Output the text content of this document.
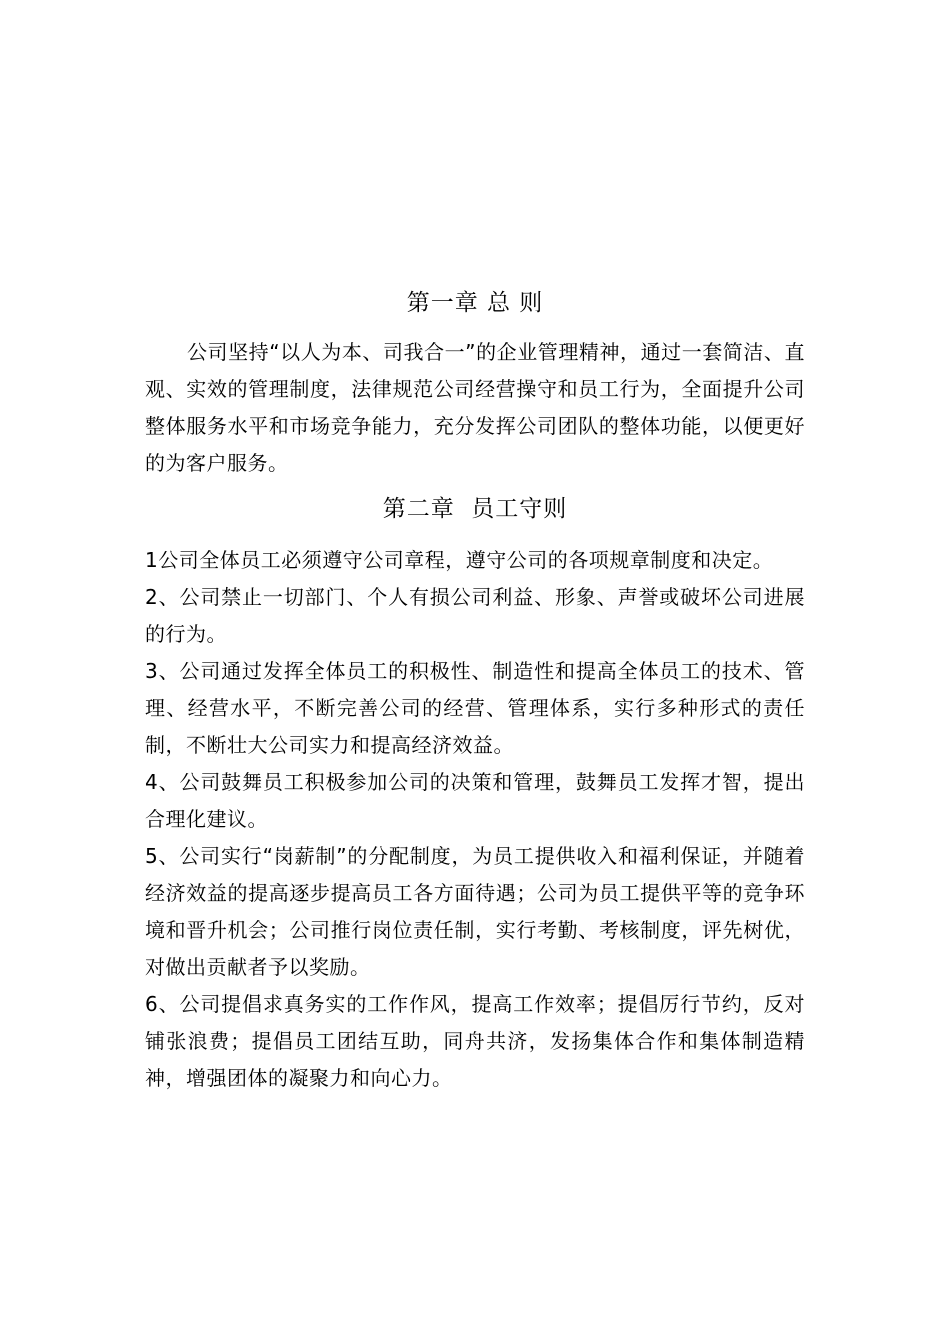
第一章 总 则

公司坚持“以人为本、司我合一”的企业管理精神，通过一套简洁、直观、实效的管理制度，法律规范公司经营操守和员工行为，全面提升公司整体服务水平和市场竞争能力，充分发挥公司团队的整体功能，以便更好的为客户服务。

第二章  员工守则

1公司全体员工必须遵守公司章程，遵守公司的各项规章制度和决定。

2、公司禁止一切部门、个人有损公司利益、形象、声誉或破坏公司进展的行为。

3、公司通过发挥全体员工的积极性、制造性和提高全体员工的技术、管理、经营水平，不断完善公司的经营、管理体系，实行多种形式的责任制，不断壮大公司实力和提高经济效益。

4、公司鼓舞员工积极参加公司的决策和管理，鼓舞员工发挥才智，提出合理化建议。

5、公司实行“岗薪制”的分配制度，为员工提供收入和福利保证，并随着经济效益的提高逐步提高员工各方面待遇；公司为员工提供平等的竞争环境和晋升机会；公司推行岗位责任制，实行考勤、考核制度，评先树优，对做出贡献者予以奖励。

6、公司提倡求真务实的工作作风，提高工作效率；提倡厉行节约，反对铺张浪费；提倡员工团结互助，同舟共济，发扬集体合作和集体制造精神，增强团体的凝聚力和向心力。
